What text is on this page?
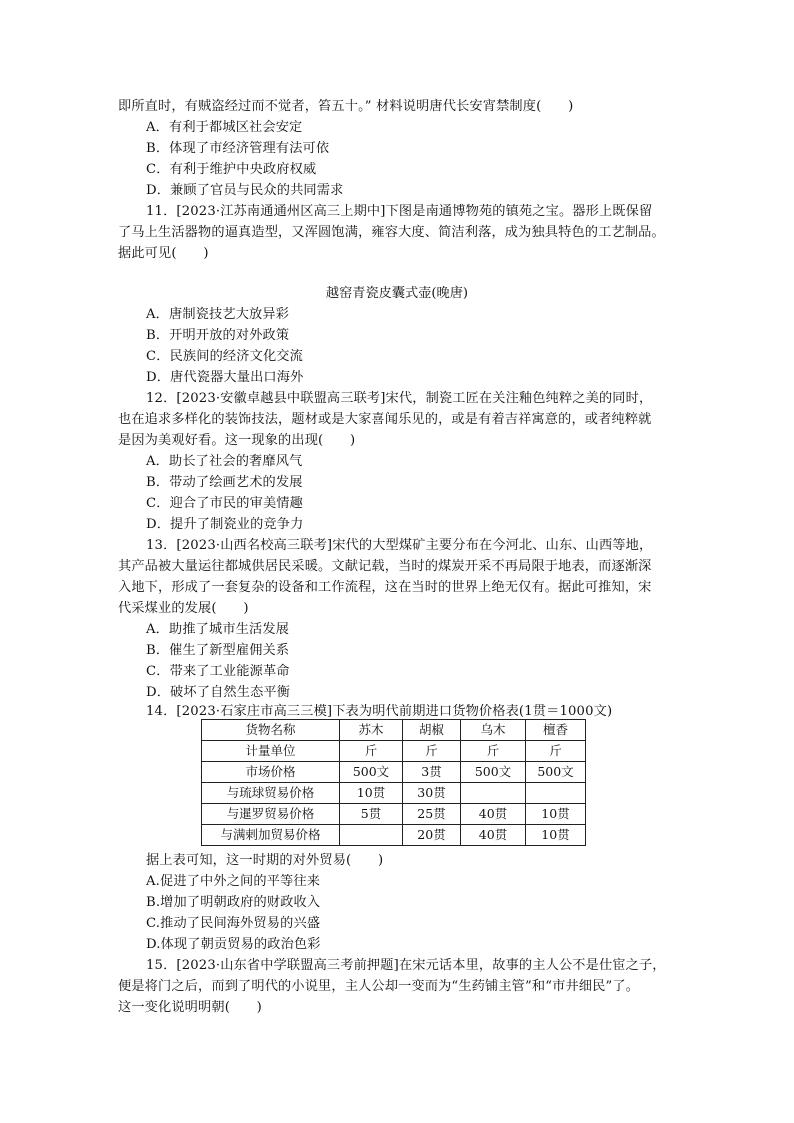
即所直时，有贼盗经过而不觉者，笞五十。” 材料说明唐代长安宵禁制度(　　)
A．有利于都城区社会安定
B．体现了市经济管理有法可依
C．有利于维护中央政府权威
D．兼顾了官员与民众的共同需求
11．[2023·江苏南通通州区高三上期中]下图是南通博物苑的镇苑之宝。器形上既保留
了马上生活器物的逼真造型，又浑圆饱满，雍容大度、简洁利落，成为独具特色的工艺制品。
据此可见(　　)
越窑青瓷皮囊式壶(晚唐)
A．唐制瓷技艺大放异彩
B．开明开放的对外政策
C．民族间的经济文化交流
D．唐代瓷器大量出口海外
12．[2023·安徽卓越县中联盟高三联考]宋代，制瓷工匠在关注釉色纯粹之美的同时，
也在追求多样化的装饰技法，题材或是大家喜闻乐见的，或是有着吉祥寓意的，或者纯粹就
是因为美观好看。这一现象的出现(　　)
A．助长了社会的奢靡风气
B．带动了绘画艺术的发展
C．迎合了市民的审美情趣
D．提升了制瓷业的竞争力
13．[2023·山西名校高三联考]宋代的大型煤矿主要分布在今河北、山东、山西等地，
其产品被大量运往都城供居民采暖。文献记载，当时的煤炭开采不再局限于地表，而逐渐深
入地下，形成了一套复杂的设备和工作流程，这在当时的世界上绝无仅有。据此可推知，宋
代采煤业的发展(　　)
A．助推了城市生活发展
B．催生了新型雇佣关系
C．带来了工业能源革命
D．破坏了自然生态平衡
14．[2023·石家庄市高三三模]下表为明代前期进口货物价格表(1贯＝1000文)
货物名称	苏木	胡椒	乌木	檀香
计量单位	斤	斤	斤	斤
市场价格	500文	3贯	500文	500文
与琉球贸易价格	10贯	30贯		
与暹罗贸易价格	5贯	25贯	40贯	10贯
与满剌加贸易价格		20贯	40贯	10贯
据上表可知，这一时期的对外贸易(　　)
A.促进了中外之间的平等往来
B.增加了明朝政府的财政收入
C.推动了民间海外贸易的兴盛
D.体现了朝贡贸易的政治色彩
15．[2023·山东省中学联盟高三考前押题]在宋元话本里，故事的主人公不是仕宦之子，
便是将门之后，而到了明代的小说里，主人公却一变而为“生药铺主管”和“市井细民”了。
这一变化说明明朝(　　)
